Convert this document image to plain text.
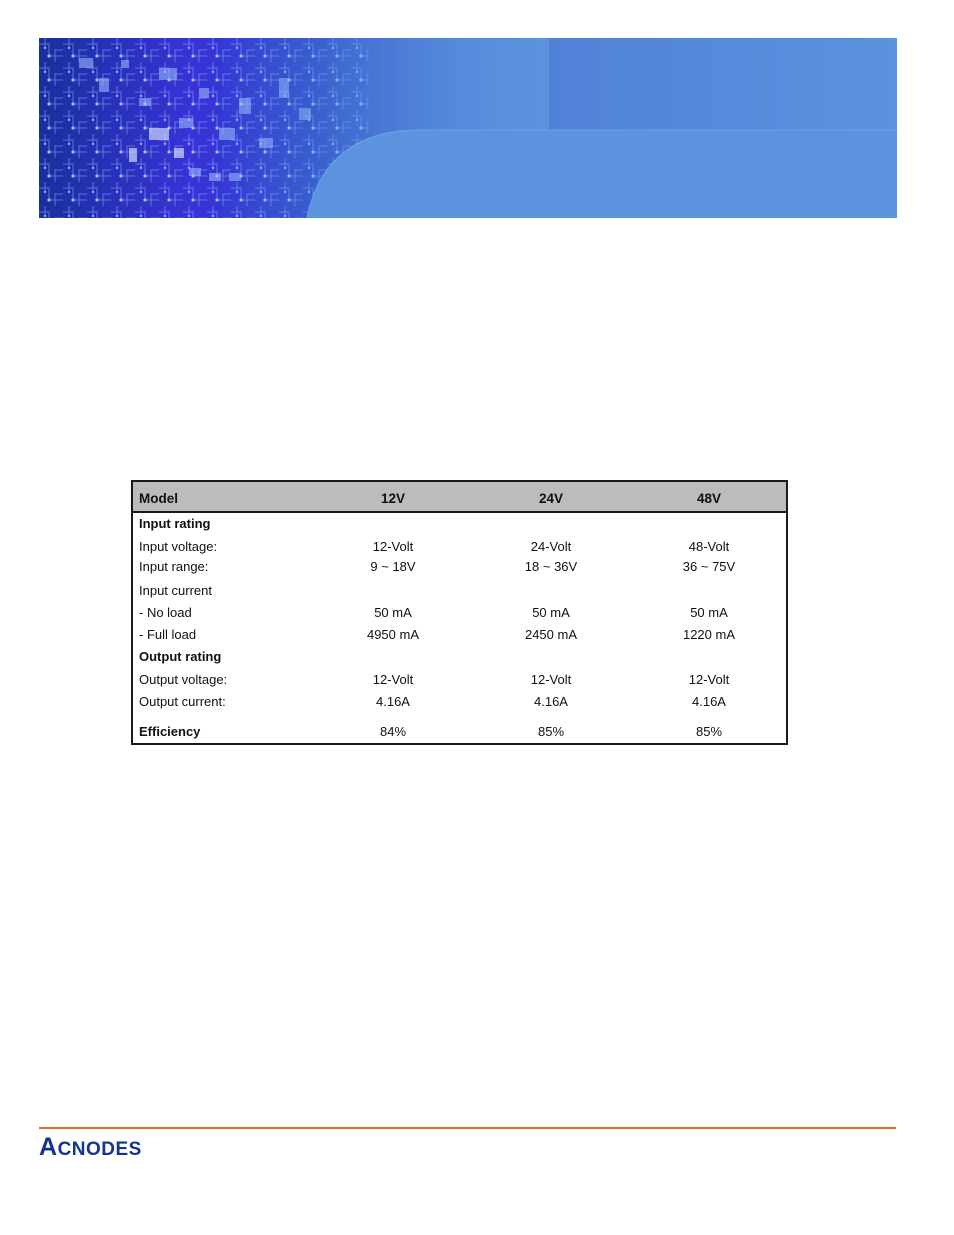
Model	12V	24V	48V
Input rating
Input voltage:	12-Volt	24-Volt	48-Volt
Input range:	9 ~ 18V	18 ~ 36V	36 ~ 75V
Input current
- No load	50 mA	50 mA	50 mA
- Full load	4950 mA	2450 mA	1220 mA
Output rating
Output voltage:	12-Volt	12-Volt	12-Volt
Output current:	4.16A	4.16A	4.16A
Efficiency	84%	85%	85%
ACNODES
